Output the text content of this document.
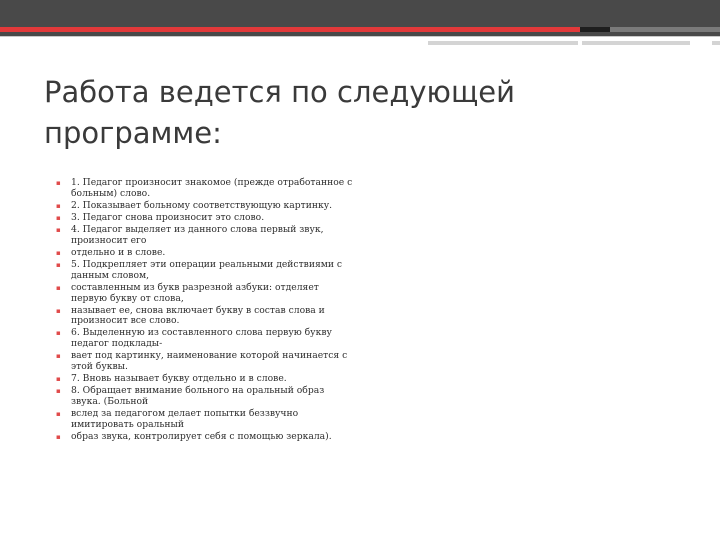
Работа ведется по следующей программе:
▪ 1. Педагог произносит знакомое (прежде отработанное с больным) слово.
▪ 2. Показывает больному соответствующую картинку.
▪ 3. Педагог снова произносит это слово.
▪ 4. Педагог выделяет из данного слова первый звук, произносит его
▪ отдельно и в слове.
▪ 5. Подкрепляет эти операции реальными действиями с данным словом,
▪ составленным из букв разрезной азбуки: отделяет первую букву от слова,
▪ называет ее, снова включает букву в состав слова и произносит все слово.
▪ 6. Выделенную из составленного слова первую букву педагог подклады-
▪ вает под картинку, наименование которой начинается с этой буквы.
▪ 7. Вновь называет букву отдельно и в слове.
▪ 8. Обращает внимание больного на оральный образ звука. (Больной
▪ вслед за педагогом делает попытки беззвучно имитировать оральный
▪ образ звука, контролирует себя с помощью зеркала).
